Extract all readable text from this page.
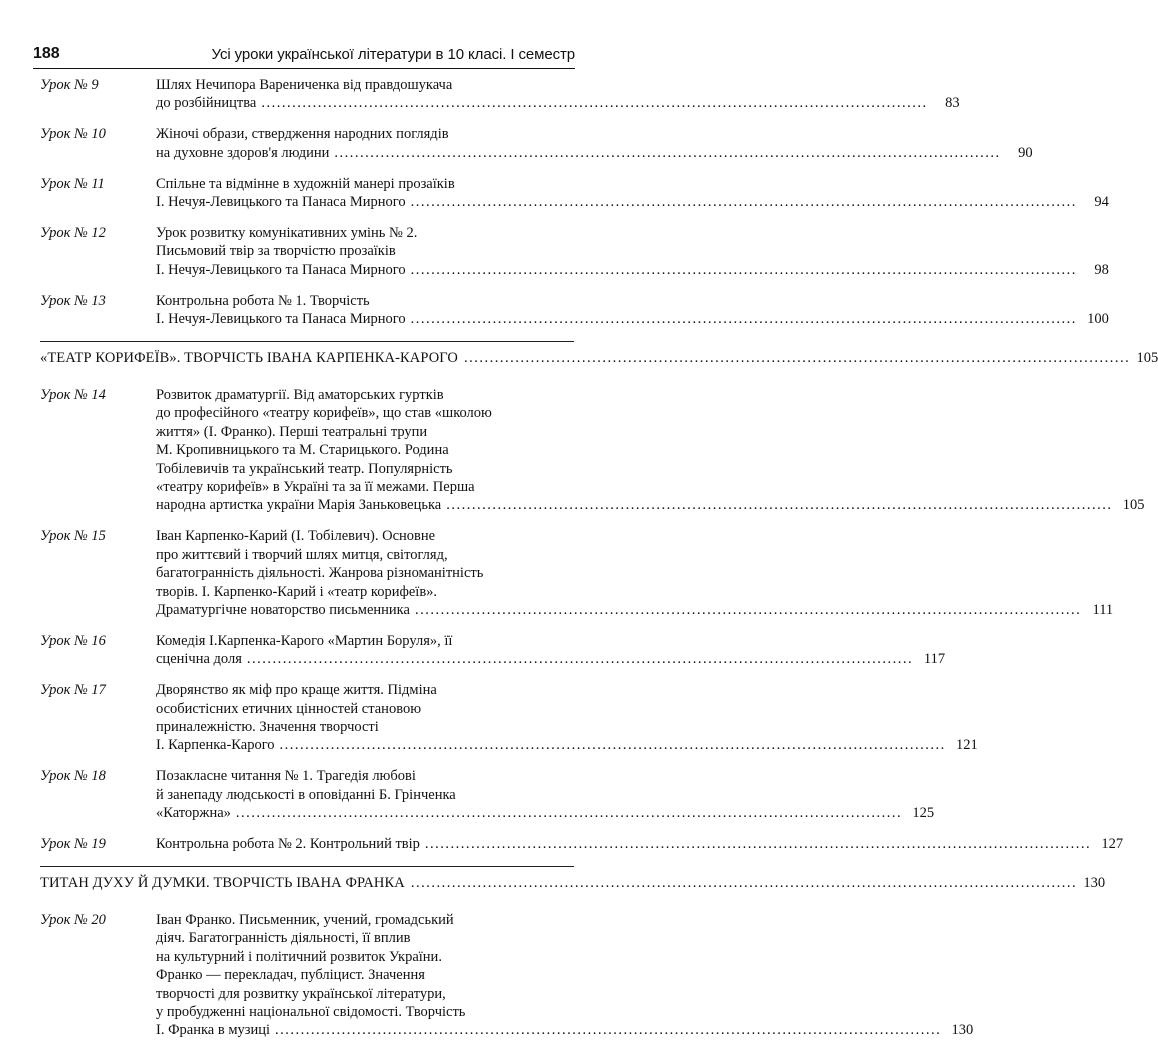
188	Усі уроки української літератури в 10 класі. I семестр
Урок № 9	Шлях Нечипора Варениченка від правдошукача
до розбійництва ..................................................................................................................................	83
Урок № 10	Жіночі образи, ствердження народних поглядів
на духовне здоров'я людини ..................................................................................................................................	90
Урок № 11	Спільне та відмінне в художній манері прозаїків
І. Нечуя-Левицького та Панаса Мирного ..................................................................................................................................	94
Урок № 12	Урок розвитку комунікативних умінь № 2.
Письмовий твір за творчістю прозаїків
І. Нечуя-Левицького та Панаса Мирного ..................................................................................................................................	98
Урок № 13	Контрольна робота № 1. Творчість
І. Нечуя-Левицького та Панаса Мирного .................................................................................................................................. 100
«ТЕАТР КОРИФЕЇВ». ТВОРЧІСТЬ ІВАНА КАРПЕНКА-КАРОГО .................................................................................................................................. 105
Урок № 14	Розвиток драматургії. Від аматорських гуртків
до професійного «театру корифеїв», що став «школою
життя» (І. Франко). Перші театральні трупи
М. Кропивницького та М. Старицького. Родина
Тобілевичів та український театр. Популярність
«театру корифеїв» в Україні та за її межами. Перша
народна артистка україни Марія Заньковецька .................................................................................................................................. 105
Урок № 15	Іван Карпенко-Карий (І. Тобілевич). Основне
про життєвий і творчий шлях митця, світогляд,
багатогранність діяльності. Жанрова різноманітність
творів. І. Карпенко-Карий і «театр корифеїв».
Драматургічне новаторство письменника .................................................................................................................................. 111
Урок № 16	Комедія І.Карпенка-Карого «Мартин Боруля», її
сценічна доля .................................................................................................................................. 117
Урок № 17	Дворянство як міф про краще життя. Підміна
особистісних етичних цінностей становою
приналежністю. Значення творчості
І. Карпенка-Карого .................................................................................................................................. 121
Урок № 18	Позакласне читання № 1. Трагедія любові
й занепаду людськості в оповіданні Б. Грінченка
«Каторжна» .................................................................................................................................. 125
Урок № 19	Контрольна робота № 2. Контрольний твір .................................................................................................................................. 127
ТИТАН ДУХУ Й ДУМКИ. ТВОРЧІСТЬ ІВАНА ФРАНКА .................................................................................................................................. 130
Урок № 20	Іван Франко. Письменник, учений, громадський
діяч. Багатогранність діяльності, її вплив
на культурний і політичний розвиток України.
Франко — перекладач, публіцист. Значення
творчості для розвитку української літератури,
у пробудженні національної свідомості. Творчість
І. Франка в музиці .................................................................................................................................. 130
